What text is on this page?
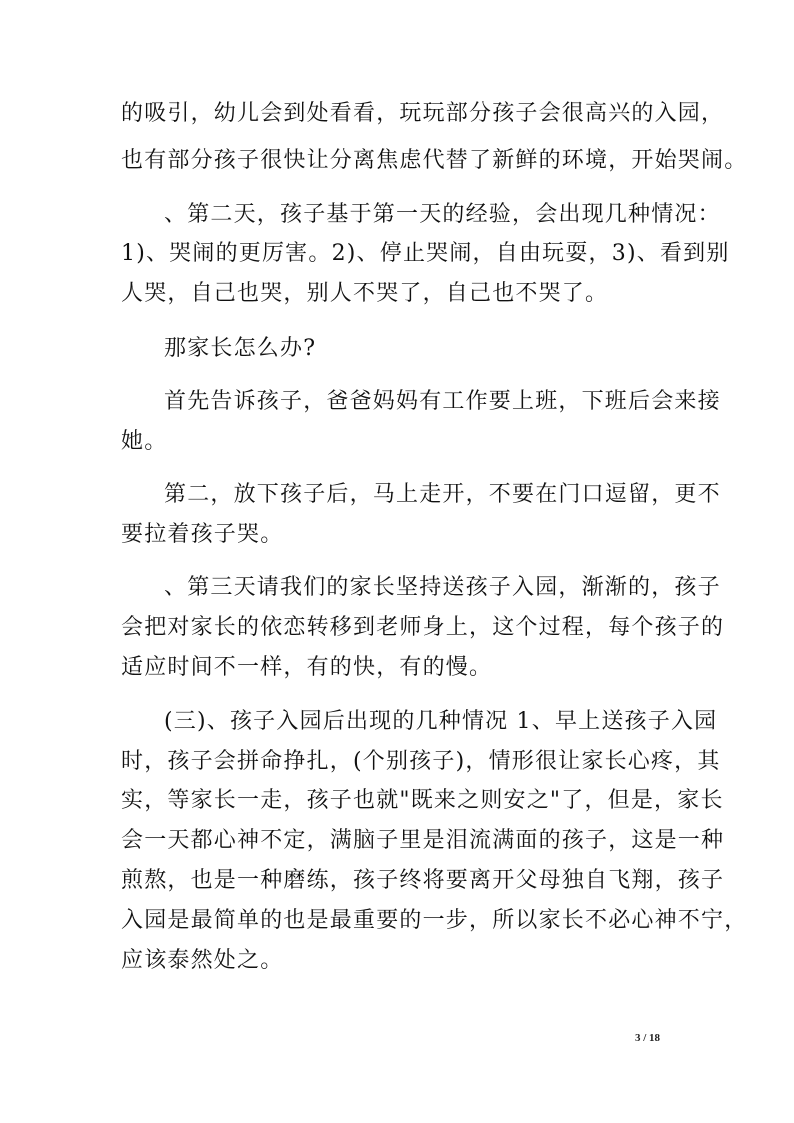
的吸引，幼儿会到处看看，玩玩部分孩子会很高兴的入园，
也有部分孩子很快让分离焦虑代替了新鲜的环境，开始哭闹。
、第二天，孩子基于第一天的经验，会出现几种情况：
1)、哭闹的更厉害。2)、停止哭闹，自由玩耍，3)、看到别
人哭，自己也哭，别人不哭了，自己也不哭了。
那家长怎么办?
首先告诉孩子，爸爸妈妈有工作要上班，下班后会来接
她。
第二，放下孩子后，马上走开，不要在门口逗留，更不
要拉着孩子哭。
、第三天请我们的家长坚持送孩子入园，渐渐的，孩子
会把对家长的依恋转移到老师身上，这个过程，每个孩子的
适应时间不一样，有的快，有的慢。
(三)、孩子入园后出现的几种情况 1、早上送孩子入园
时，孩子会拼命挣扎，(个别孩子)，情形很让家长心疼，其
实，等家长一走，孩子也就"既来之则安之"了，但是，家长
会一天都心神不定，满脑子里是泪流满面的孩子，这是一种
煎熬，也是一种磨练，孩子终将要离开父母独自飞翔，孩子
入园是最简单的也是最重要的一步，所以家长不必心神不宁，
应该泰然处之。
3 / 18
